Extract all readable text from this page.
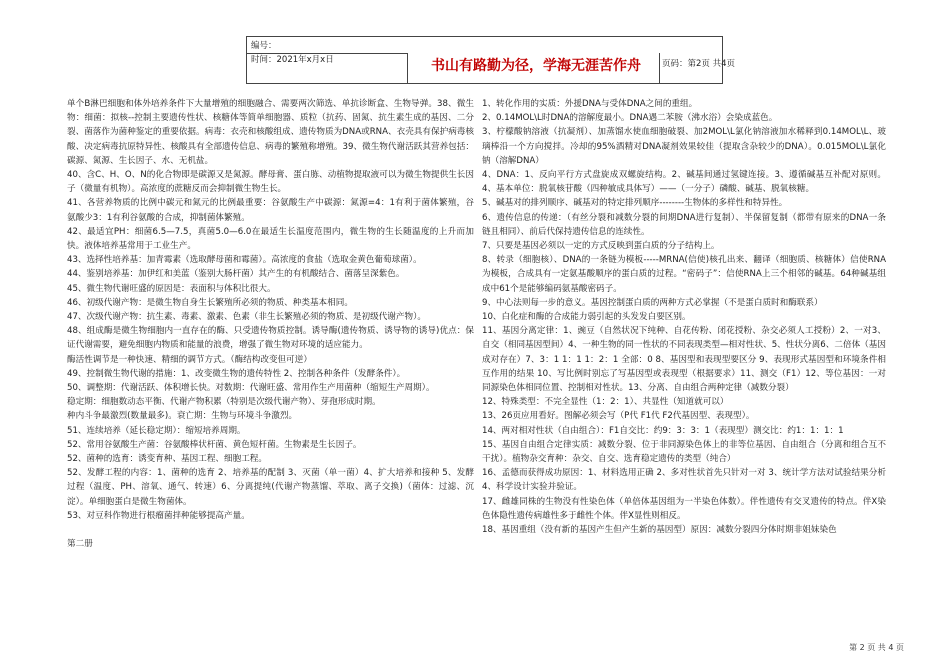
编号：
时间：2021年x月x日	书山有路勤为径，学海无涯苦作舟	页码：第2页 共4页

单个B淋巴细胞和体外培养条件下大量增殖的细胞融合、需要两次筛选、单抗诊断盒、生物导弹。38、微生物：细菌：拟核--控制主要遗传性状、核糖体等简单细胞器、质粒（抗药、固氮、抗生素生成的基因、二分裂、菌落作为菌种鉴定的重要依据。病毒：衣壳和核酸组成、遗传物质为DNA或RNA、衣壳具有保护病毒核酸、决定病毒抗原特异性、核酸具有全部遗传信息、病毒的繁殖称增殖。39、微生物代谢活跃其营养包括：碳源、氮源、生长因子、水、无机盐。

40、含C、H、O、N的化合物即是碳源又是氮源。酵母膏、蛋白胨、动植物提取液可以为微生物提供生长因子（微量有机物）。高浓度的蔗糖反而会抑制微生物生长。

41、各营养物质的比例中碳元和氮元的比例最重要：谷氨酸生产中碳源：氮源=4：1有利于菌体繁殖，谷氨酸少3：1有利谷氨酸的合成，抑制菌体繁殖。

42、最适宜PH：细菌6.5—7.5，真菌5.0—6.0在最适生长温度范围内，微生物的生长随温度的上升而加快。液体培养基常用于工业生产。

43、选择性培养基：加青霉素（选取酵母菌和霉菌）。高浓度的食盐（选取金黄色葡萄球菌）。

44、鉴别培养基：加伊红和美蓝（鉴别大肠杆菌）其产生的有机酸结合、菌落呈深紫色。

45、微生物代谢旺盛的原因是：表面积与体积比很大。

46、初级代谢产物：是微生物自身生长繁殖所必须的物质、种类基本相同。

47、次级代谢产物：抗生素、毒素、激素、色素（非生长繁殖必须的物质、是初级代谢产物）。

48、组成酶是微生物细胞内一直存在的酶、只受遗传物质控制。诱导酶(遗传物质、诱导物的诱导)优点：保证代谢需要，避免细胞内物质和能量的浪费，增强了微生物对环境的适应能力。

酶活性调节是一种快速、精细的调节方式。（酶结构改变但可逆）

49、控制微生物代谢的措施：1、改变微生物的遗传特性 2、控制各种条件（发酵条件）。

50、调整期：代谢活跃、体积增长快。对数期：代谢旺盛、常用作生产用菌种（缩短生产周期）。

稳定期：细胞数动态平衡、代谢产物积累（特别是次级代谢产物）、芽孢形成时期。

种内斗争最激烈(数量最多)。衰亡期：生物与环境斗争激烈。

51、连续培养（延长稳定期）：缩短培养周期。

52、常用谷氨酸生产菌：谷氨酸棒状杆菌、黄色短杆菌。生物素是生长因子。

52、菌种的选育：诱变育种、基因工程、细胞工程。

52、发酵工程的内容：1、菌种的选育 2、培养基的配制 3、灭菌（单一菌）4、扩大培养和接种 5、发酵过程（温度、PH、溶氧、通气、转速）6、分离提纯(代谢产物蒸馏、萃取、离子交换)（菌体：过滤、沉淀）。单细胞蛋白是微生物菌体。

53、对豆科作物进行根瘤菌拌种能够提高产量。

第二册

1、转化作用的实质：外援DNA与受体DNA之间的重组。

2、0.14MOL\L时DNA的溶解度最小。DNA遇二苯胺（沸水浴）会染成蓝色。

3、柠檬酸钠溶液（抗凝剂）、加蒸馏水使血细胞破裂、加2MOL\L氯化钠溶液加水稀释到0.14MOL\L、玻璃棒沿一个方向搅拌。冷却的95%酒精对DNA凝剂效果较佳（提取含杂较少的DNA）。0.015MOL\L氯化钠（溶解DNA）

4、DNA：1、反向平行方式盘旋成双螺旋结构。2、碱基间通过氢键连接。3、遵循碱基互补配对原则。4、基本单位：脱氧核苷酸（四种敏成具体写）——（一分子）磷酸、碱基、脱氧核糖。

5、碱基对的排列顺序、碱基对的特定排列顺序--------生物体的多样性和特异性。

6、遗传信息的传递：（有丝分裂和减数分裂的间期DNA进行复制）、半保留复制（都带有原来的DNA一条链且相同）、前后代保持遗传信息的连续性。

7、只要是基因必须以一定的方式反映到蛋白质的分子结构上。

8、转录（细胞核）、DNA的一条链为模板-----MRNA(信使)核孔出来、翻译（细胞质、核糖体）信使RNA为模板，合成具有一定氨基酸顺序的蛋白质的过程。“密码子”：信使RNA上三个相邻的碱基。64种碱基组成中61个是能够编码氨基酸密码子。

9、中心法则每一步的意义。基因控制蛋白质的两种方式必掌握（不是蛋白质时和酶联系）

10、白化症和酶的合成能力弱引起的头发发白要区别。

11、基因分离定律：1、豌豆（自然状况下纯种、自花传粉、闭花授粉、杂交必须人工授粉）2、一对3、自交（相同基因型间）4、一种生物的同一性状的不同表现类型—相对性状、5、性状分离6、二倍体（基因成对存在）7、3：1 1：1 1：2：1 全部：0 8、基因型和表现型要区分 9、表现形式基因型和环境条件相互作用的结果 10、写比例时别忘了写基因型或表现型（根据要求）11、测交（F1）12、等位基因：一对同源染色体相同位置、控制相对性状。13、分离、自由组合两种定律（减数分裂）

12、特殊类型：不完全显性（1：2：1）、共显性（知道就可以）

13、26页应用看好。图解必须会写（P代 F1代 F2代基因型、表现型）。

14、两对相对性状（自由组合）：F1自交比：约9：3：3：1（表现型）测交比：约1：1：1：1

15、基因自由组合定律实质：减数分裂、位于非同源染色体上的非等位基因、自由组合（分离和组合互不干扰）。植物杂交育种：杂交、自交、选育稳定遗传的类型（纯合）

16、孟德而获得成功原因：1、材料选用正确 2、多对性状首先只针对一对 3、统计学方法对试验结果分析 4、科学设计实验并验证。

17、雌雄同株的生物没有性染色体（单倍体基因组为一半染色体数）。伴性遗传有交叉遗传的特点。伴X染色体隐性遗传病雄性多于雌性个体。伴X显性则相反。

18、基因重组（没有新的基因产生但产生新的基因型）原因：减数分裂四分体时期非姐妹染色

第 2 页 共 4 页
